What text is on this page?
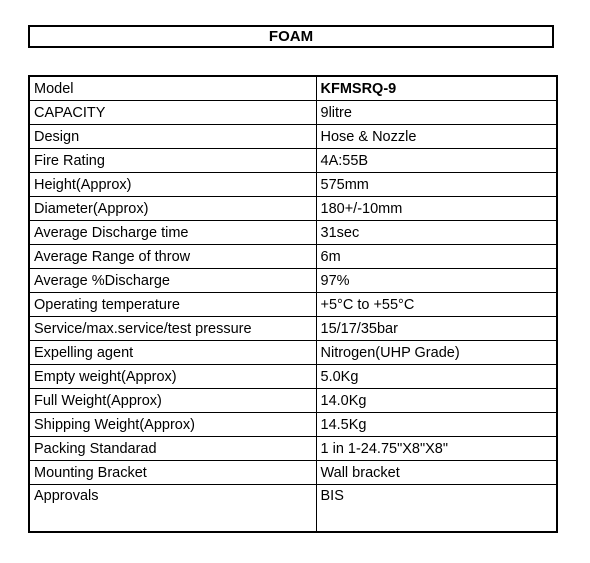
FOAM
Model	KFMSRQ-9
CAPACITY	9litre
Design	Hose & Nozzle
Fire Rating	4A:55B
Height(Approx)	575mm
Diameter(Approx)	180+/-10mm
Average Discharge time	31sec
Average Range of throw	6m
Average %Discharge	97%
Operating temperature	+5°C to +55°C
Service/max.service/test pressure	15/17/35bar
Expelling agent	Nitrogen(UHP Grade)
Empty weight(Approx)	5.0Kg
Full Weight(Approx)	14.0Kg
Shipping Weight(Approx)	14.5Kg
Packing Standarad	1 in 1-24.75"X8"X8"
Mounting Bracket	Wall bracket
Approvals	BIS
